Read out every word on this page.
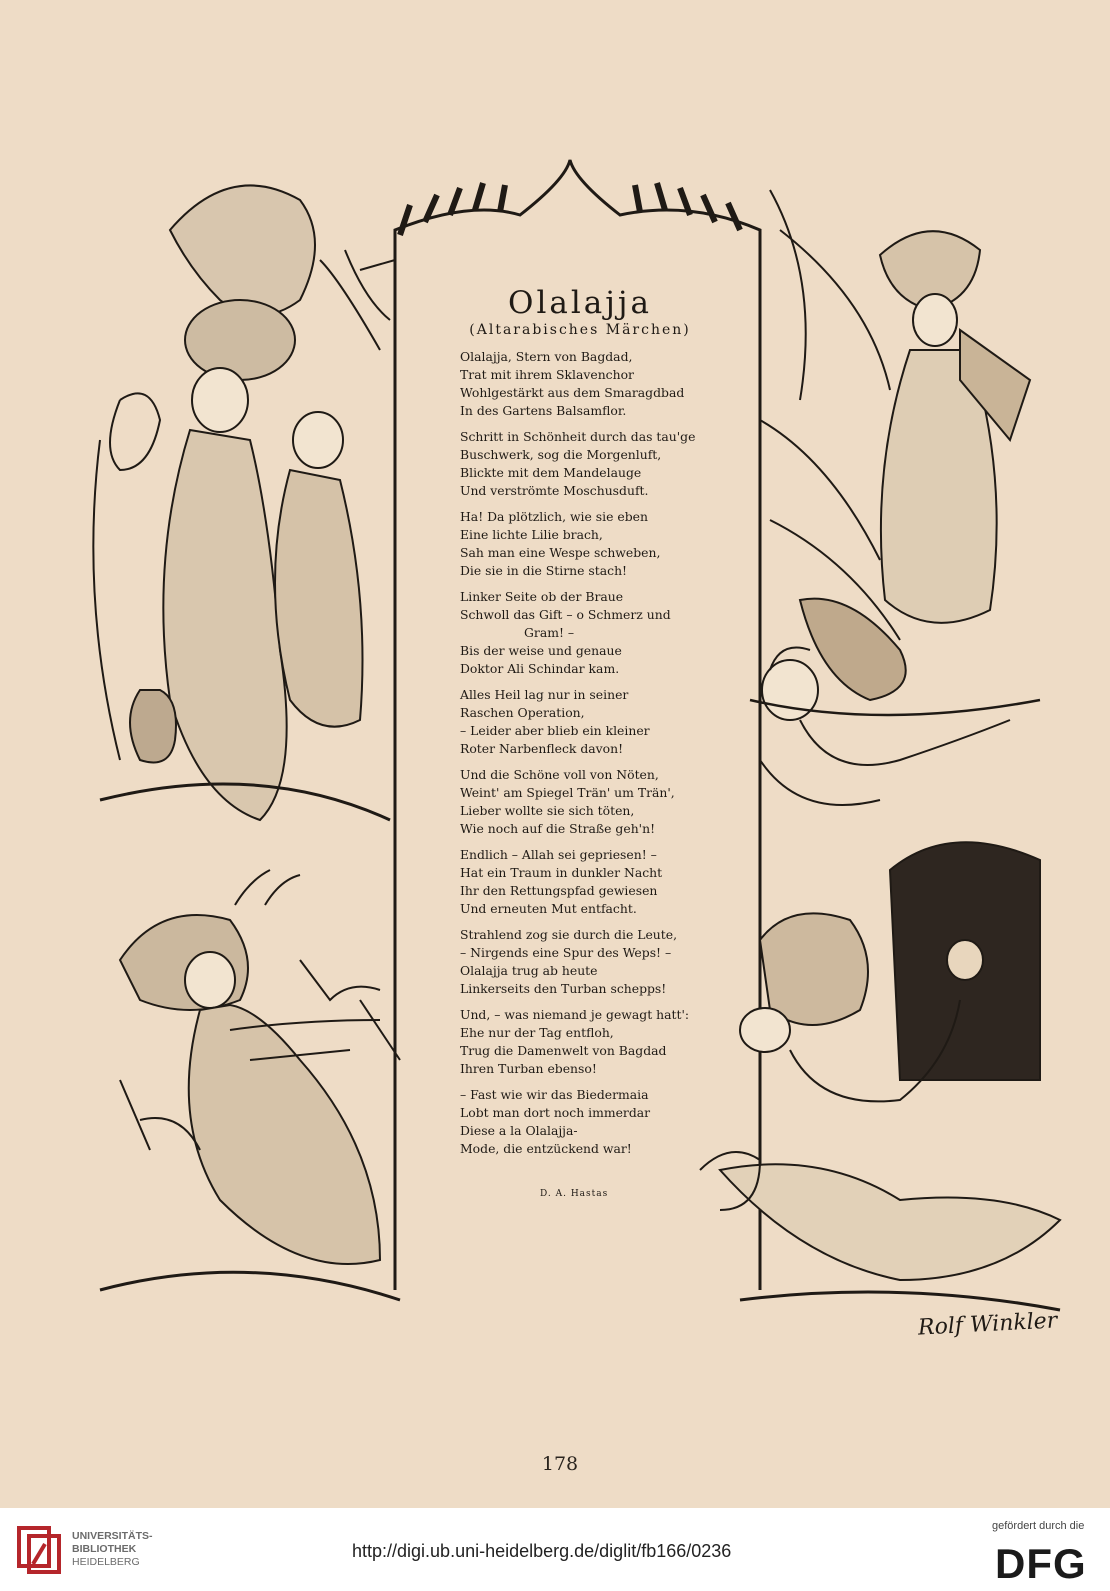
Olalajja
(Altarabisches Märchen)
Olalajja, Stern von Bagdad,
Trat mit ihrem Sklavenchor
Wohlgestärkt aus dem Smaragdbad
In des Gartens Balsamflor.
Schritt in Schönheit durch das tau'ge
Buschwerk, sog die Morgenluft,
Blickte mit dem Mandelauge
Und verströmte Moschusduft.
Ha! Da plötzlich, wie sie eben
Eine lichte Lilie brach,
Sah man eine Wespe schweben,
Die sie in die Stirne stach!
Linker Seite ob der Braue
Schwoll das Gift – o Schmerz und
Gram! –
Bis der weise und genaue
Doktor Ali Schindar kam.
Alles Heil lag nur in seiner
Raschen Operation,
– Leider aber blieb ein kleiner
Roter Narbenfleck davon!
Und die Schöne voll von Nöten,
Weint' am Spiegel Trän' um Trän',
Lieber wollte sie sich töten,
Wie noch auf die Straße geh'n!
Endlich – Allah sei gepriesen! –
Hat ein Traum in dunkler Nacht
Ihr den Rettungspfad gewiesen
Und erneuten Mut entfacht.
Strahlend zog sie durch die Leute,
– Nirgends eine Spur des Weps! –
Olalajja trug ab heute
Linkerseits den Turban schepps!
Und, – was niemand je gewagt hatt':
Ehe nur der Tag entfloh,
Trug die Damenwelt von Bagdad
Ihren Turban ebenso!
– Fast wie wir das Biedermaia
Lobt man dort noch immerdar
Diese a la Olalajja-
Mode, die entzückend war!
D. A. Hastas
Rolf Winkler
178
UNIVERSITÄTS-
BIBLIOTHEK
HEIDELBERG
http://digi.ub.uni-heidelberg.de/diglit/fb166/0236
gefördert durch die
DFG
